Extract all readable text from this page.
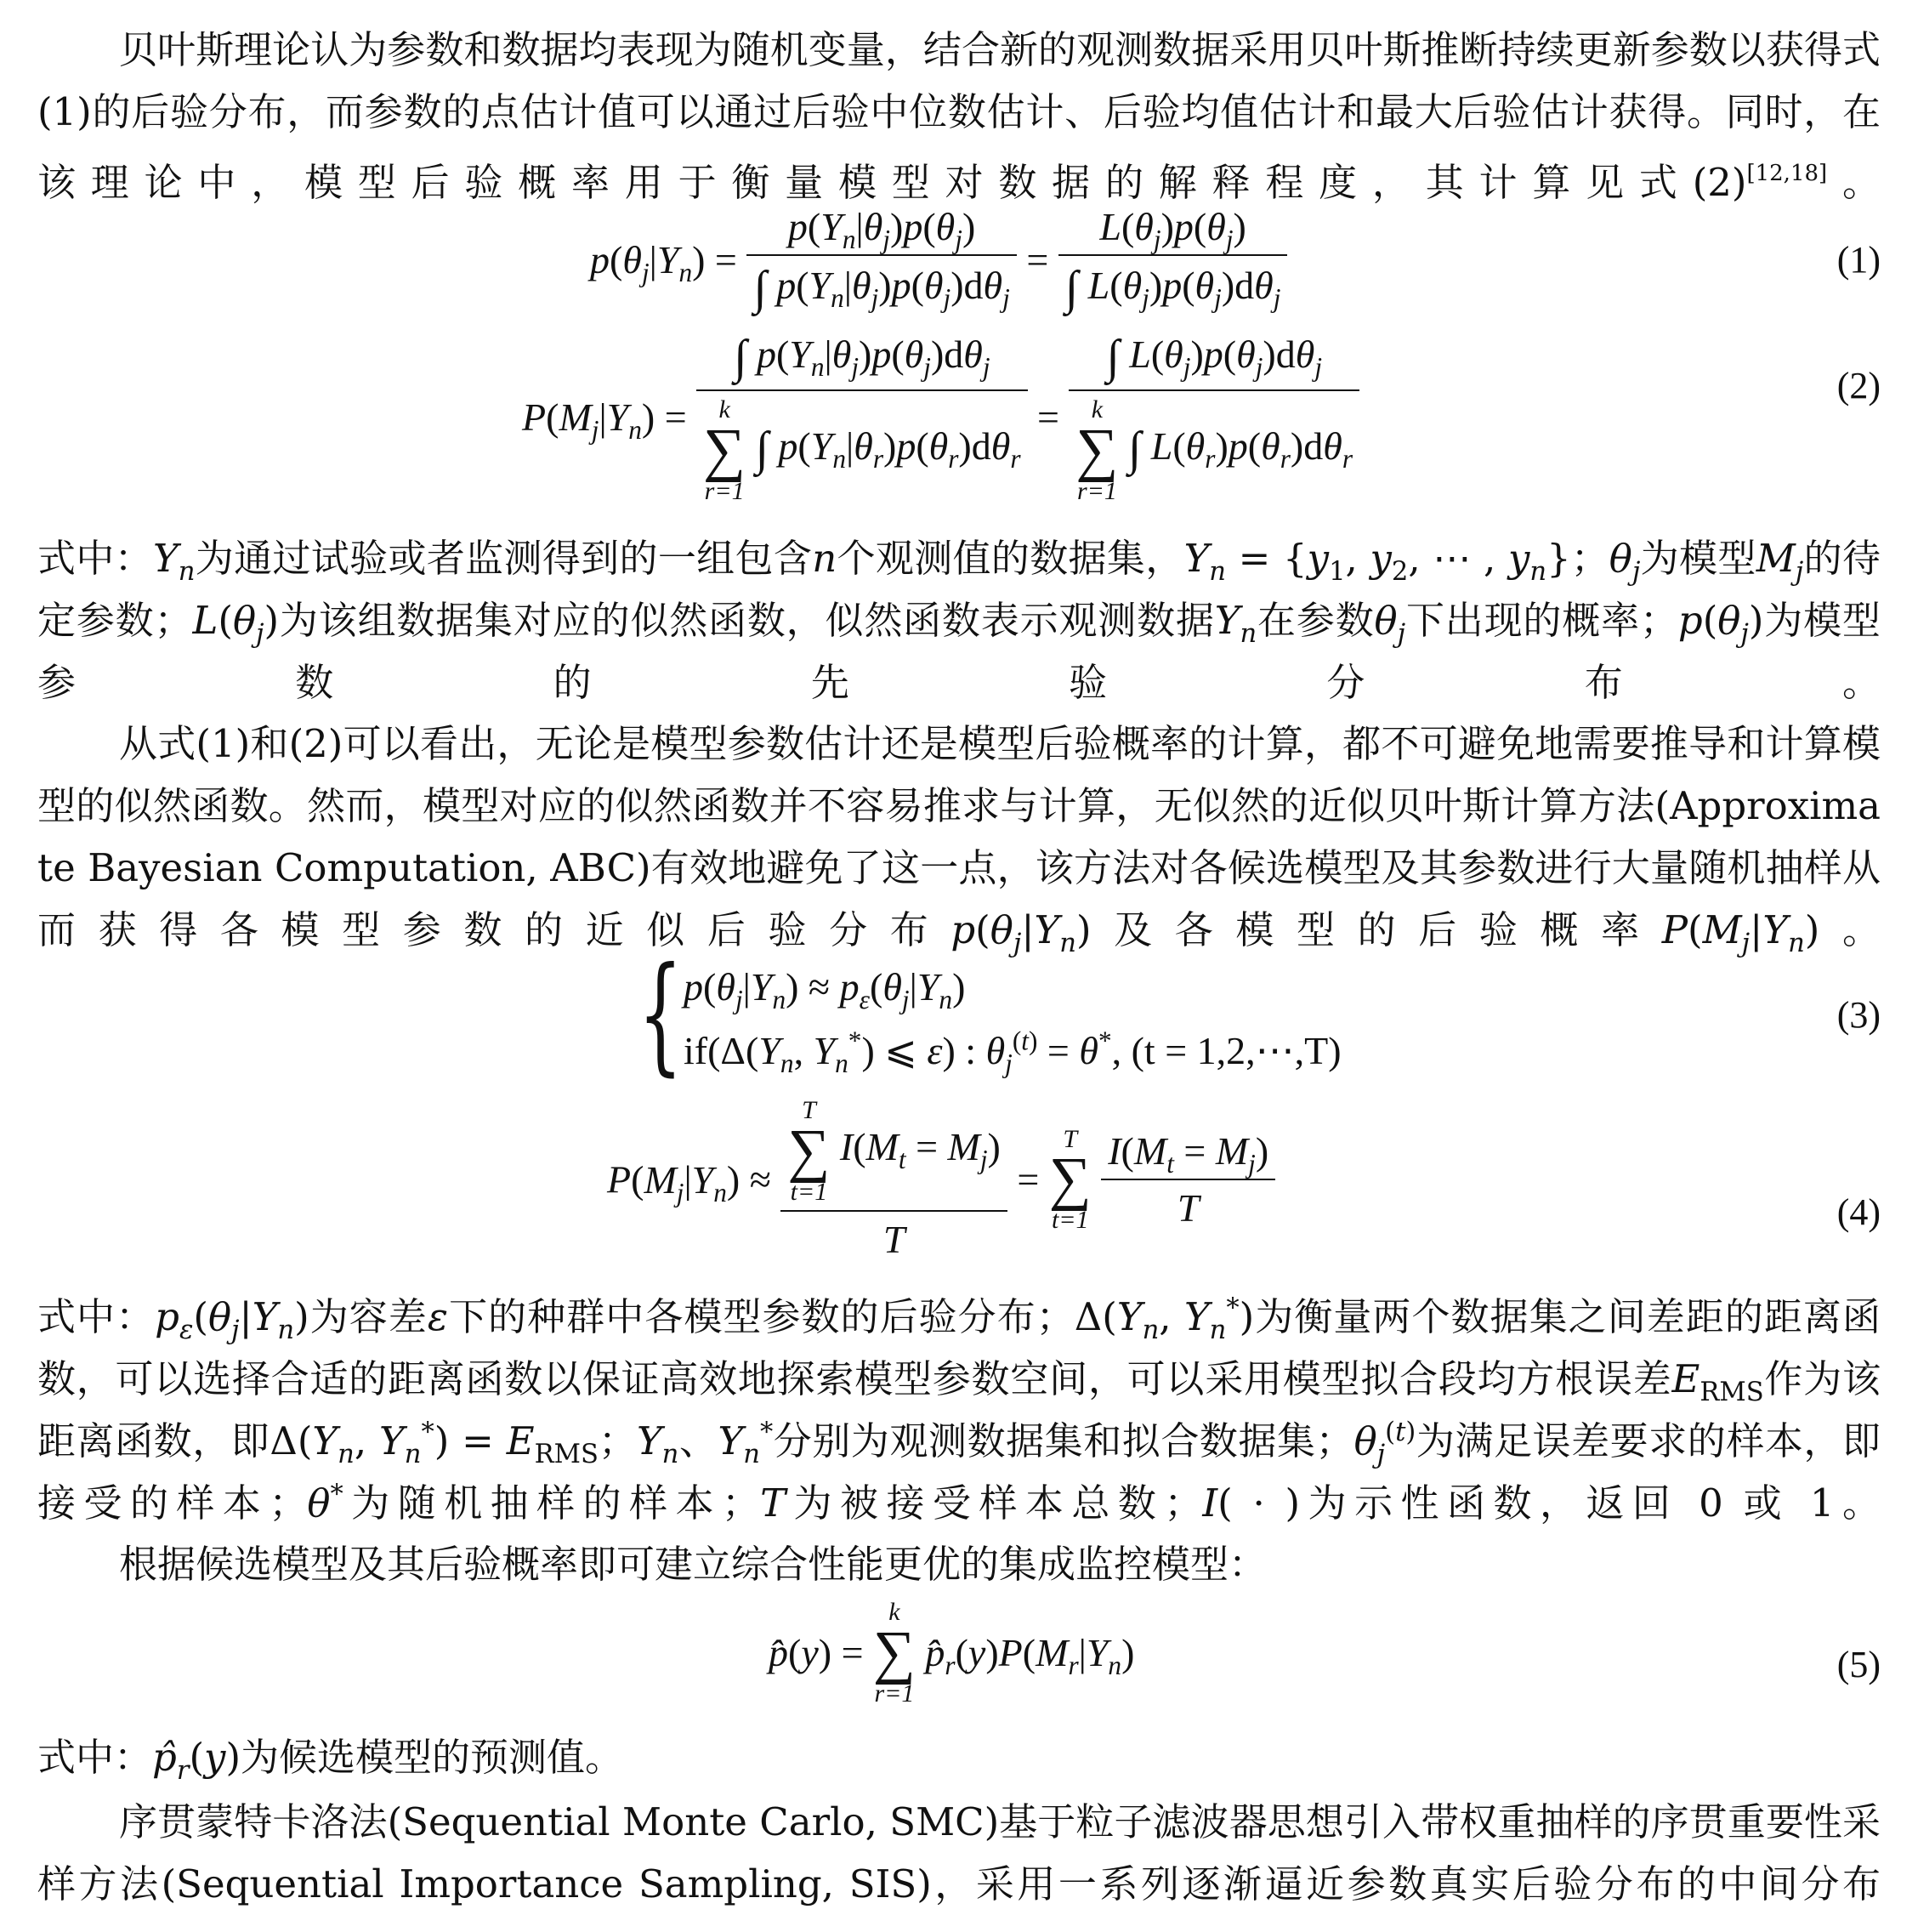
贝叶斯理论认为参数和数据均表现为随机变量，结合新的观测数据采用贝叶斯推断持续更新参数以获得式(1)的后验分布，而参数的点估计值可以通过后验中位数估计、后验均值估计和最大后验估计获得。同时，在该理论中，模型后验概率用于衡量模型对数据的解释程度，其计算见式(2)[12,18]。
$p(\theta_j|Y_n) = \frac{p(Y_n|\theta_j)p(\theta_j)}{\int p(Y_n|\theta_j)p(\theta_j)d\theta_j} = \frac{L(\theta_j)p(\theta_j)}{\int L(\theta_j)p(\theta_j)d\theta_j}$	(1)
$P(M_j|Y_n)$ = ∫ $p(Y_n|\theta_j)p(\theta_j)d\theta_j$
k
∑
r=1
∫ $p(Y_n|\theta_r)p(\theta_r)d\theta_r$ = ∫ $L(\theta_j)p(\theta_j)d\theta_j$
k
∑
r=1
∫ $L(\theta_r)p(\theta_r)d\theta_r$	(2)
式中：$Y_n$为通过试验或者监测得到的一组包含n个观测值的数据集，$Y_n = \{y_1$, $y_2$, ⋯ , $y_n$}；$\theta_j$为模型$M_j$的待定参数；$L(\theta_j)$为该组数据集对应的似然函数，似然函数表示观测数据$Y_n$在参数$\theta_j$下出现的概率；$p(\theta_j)$为模型参数的先验分布。
从式(1)和(2)可以看出，无论是模型参数估计还是模型后验概率的计算，都不可避免地需要推导和计算模型的似然函数。然而，模型对应的似然函数并不容易推求与计算，无似然的近似贝叶斯计算方法(Approximate Bayesian Computation, ABC)有效地避免了这一点，该方法对各候选模型及其参数进行大量随机抽样从而获得各模型参数的近似后验分布$p(\theta_j|Y_n)$及各模型的后验概率$P(M_j|Y_n)$。
{ $p(\theta_j|Y_n) \approx p_\varepsilon(\theta_j|Y_n)$
$if(\Delta(Y_n$, $Y_n^*$) ⩽ ε) : $\theta_j^{(t)} = \theta^*$, (t = 1,2,⋯,T)
(3)
$P(M_j|Y_n) \approx T$
∑
t=1
$I(M_t = M_j)$
T =
T
∑
t=1
$\frac{I(M_t = M_j)}{T}$	(4)
式中：$p_\varepsilon(\theta_j|Y_n)$为容差ε下的种群中各模型参数的后验分布；$\Delta(Y_n$, $Y_n^*$)为衡量两个数据集之间差距的距离函数，可以选择合适的距离函数以保证高效地探索模型参数空间，可以采用模型拟合段均方根误差$E_{RMS}$作为该距离函数，即$\Delta(Y_n$, $Y_n^*) = E_{RMS}$；$Y_n$、$Y_n^*$分别为观测数据集和拟合数据集；$\theta_j^{(t)}$为满足误差要求的样本，即接受的样本；θ*为随机抽样的样本；T为被接受样本总数；I( · )为示性函数，返回 0 或 1。
根据候选模型及其后验概率即可建立综合性能更优的集成监控模型：
p̂(y) =
k
∑
r=1
$p̂_r(y)P(M_r|Y_n)$	(5)
式中：$p̂_r(y)$为候选模型的预测值。
序贯蒙特卡洛法(Sequential Monte Carlo, SMC)基于粒子滤波器思想引入带权重抽样的序贯重要性采样方法(Sequential Importance Sampling, SIS)，采用一系列逐渐逼近参数真实后验分布的中间分布
